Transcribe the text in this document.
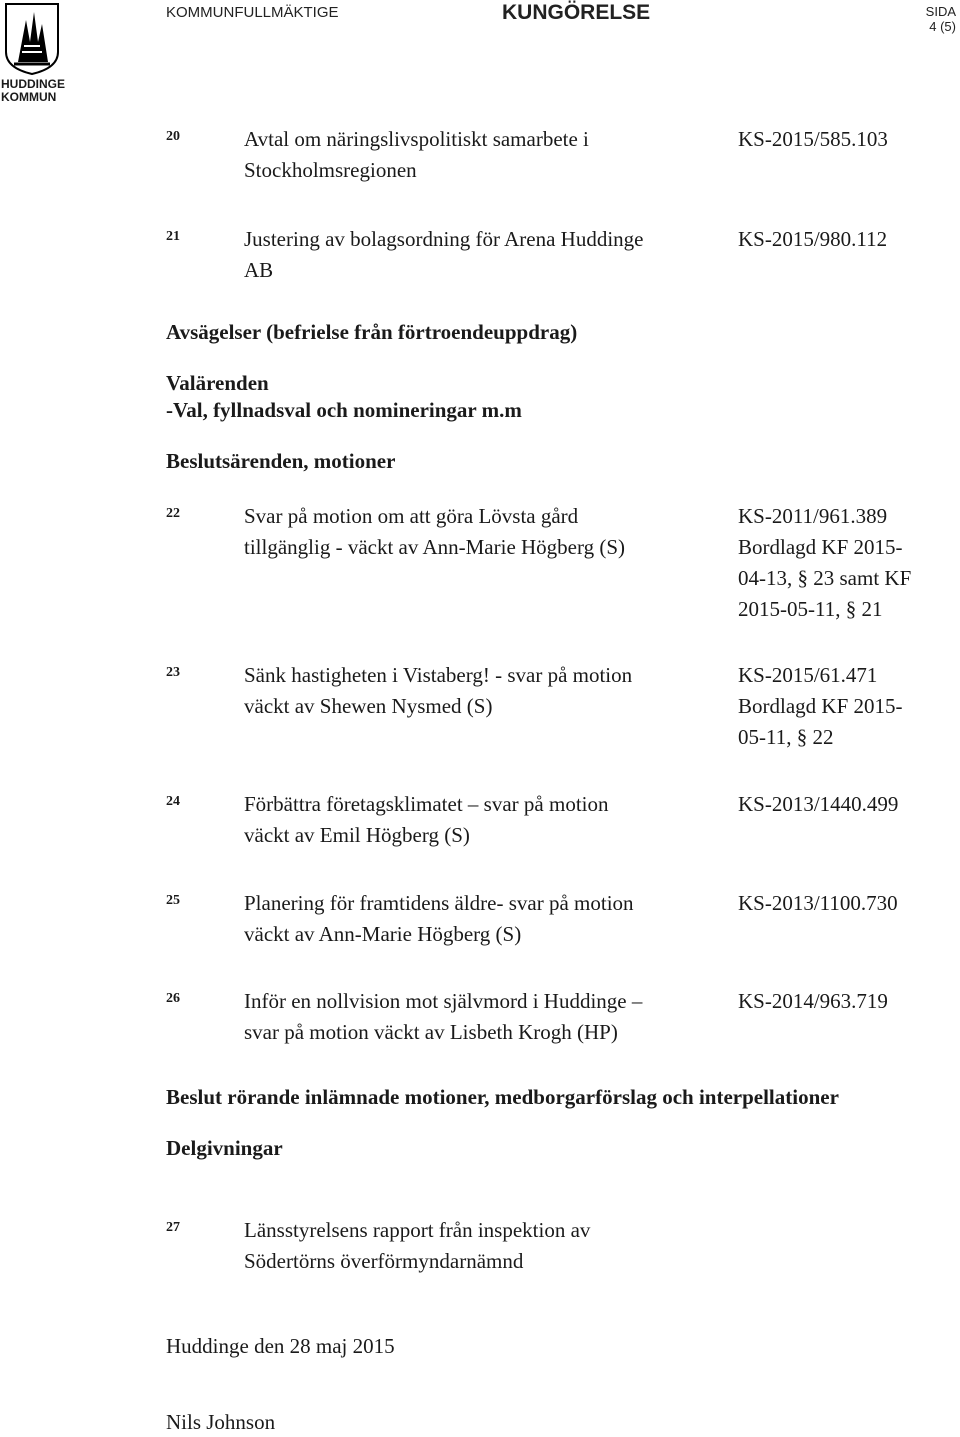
HUDDINGE
KOMMUN
KOMMUNFULLMÄKTIGE	KUNGÖRELSE	SIDA
4 (5)
20	Avtal om näringslivspolitiskt samarbete i
Stockholmsregionen
KS-2015/585.103
21	Justering av bolagsordning för Arena Huddinge
AB
KS-2015/980.112
Avsägelser (befrielse från förtroendeuppdrag)
Valärenden
-Val, fyllnadsval och nomineringar m.m
Beslutsärenden, motioner
22	Svar på motion om att göra Lövsta gård
tillgänglig - väckt av Ann-Marie Högberg (S)
KS-2011/961.389
Bordlagd KF 2015-
04-13, § 23 samt KF
2015-05-11, § 21
23	Sänk hastigheten i Vistaberg! - svar på motion
väckt av Shewen Nysmed (S)
KS-2015/61.471
Bordlagd KF 2015-
05-11, § 22
24	Förbättra företagsklimatet – svar på motion
väckt av Emil Högberg (S)
KS-2013/1440.499
25	Planering för framtidens äldre- svar på motion
väckt av Ann-Marie Högberg (S)
KS-2013/1100.730
26	Inför en nollvision mot självmord i Huddinge –
svar på motion väckt av Lisbeth Krogh (HP)
KS-2014/963.719
Beslut rörande inlämnade motioner, medborgarförslag och interpellationer
Delgivningar
27	Länsstyrelsens rapport från inspektion av
Södertörns överförmyndarnämnd
Huddinge den 28 maj 2015
Nils Johnson
